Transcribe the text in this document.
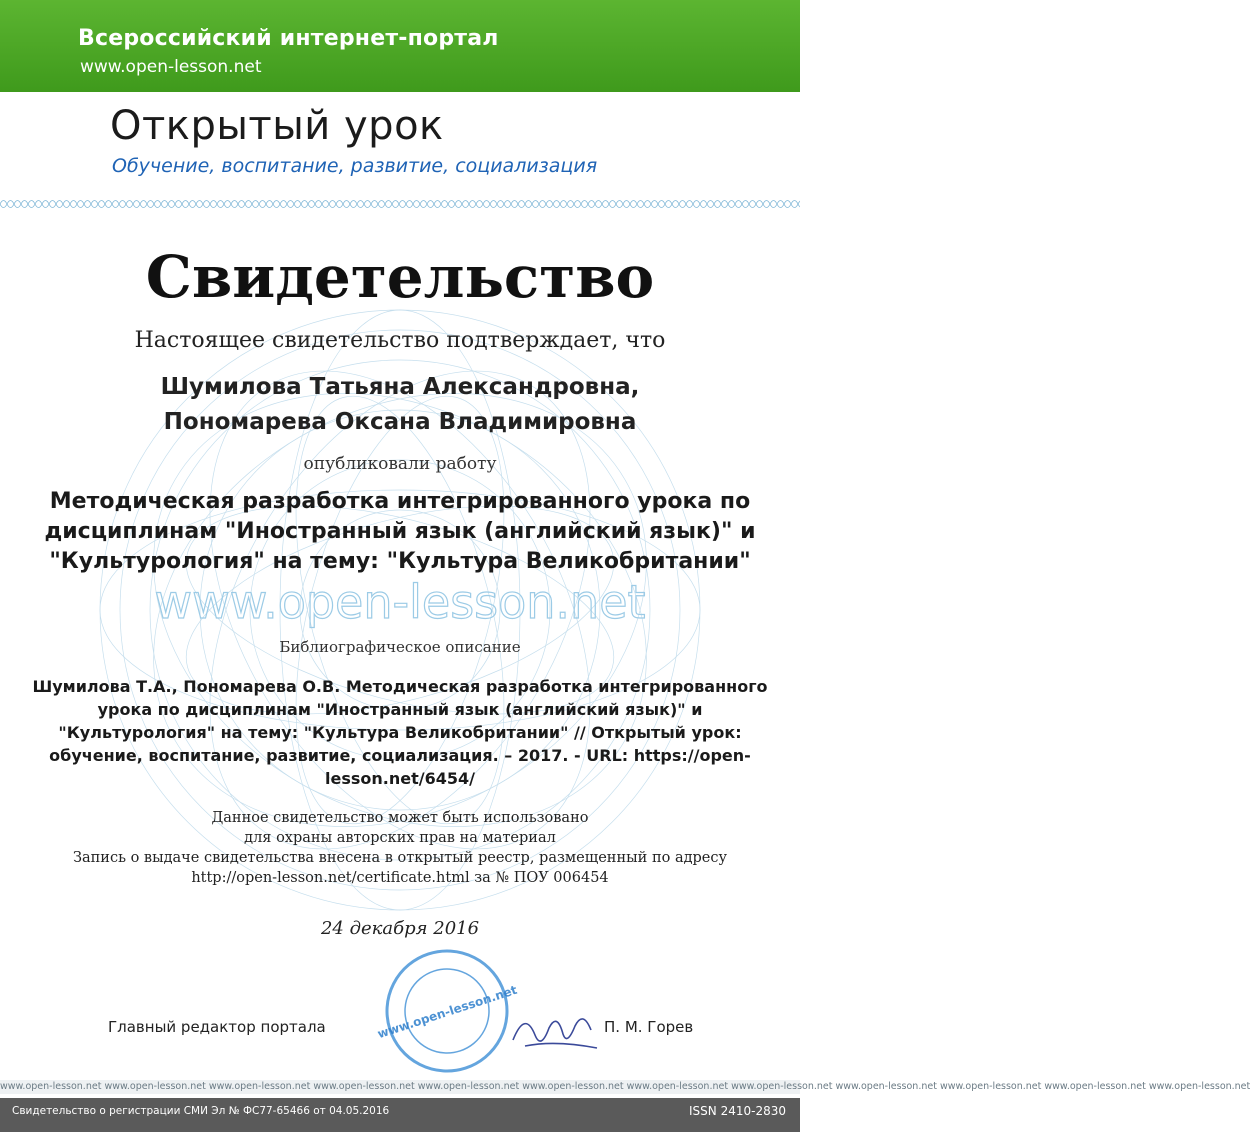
Всероссийский интернет-портал
www.open-lesson.net
Открытый урок
Обучение, воспитание, развитие, социализация
www.open-lesson.net
Свидетельство
Настоящее свидетельство подтверждает, что
Шумилова Татьяна Александровна,
Пономарева Оксана Владимировна
опубликовали работу
Методическая разработка интегрированного урока по дисциплинам "Иностранный язык (английский язык)" и "Культурология" на тему: "Культура Великобритании"
Библиографическое описание
Шумилова Т.А., Пономарева О.В. Методическая разработка интегрированного урока по дисциплинам "Иностранный язык (английский язык)" и "Культурология" на тему: "Культура Великобритании" // Открытый урок: обучение, воспитание, развитие, социализация. – 2017. - URL: https://open-lesson.net/6454/
Данное свидетельство может быть использовано
для охраны авторских прав на материал
Запись о выдаче свидетельства внесена в открытый реестр, размещенный по адресу
http://open-lesson.net/certificate.html за № ПОУ 006454
24 декабря 2016
www.open-lesson.net
Главный редактор портала	П. М. Горев
www.open-lesson.net www.open-lesson.net www.open-lesson.net www.open-lesson.net www.open-lesson.net www.open-lesson.net www.open-lesson.net www.open-lesson.net www.open-lesson.net www.open-lesson.net www.open-lesson.net www.open-lesson.net
Свидетельство о регистрации СМИ Эл № ФС77-65466 от 04.05.2016	ISSN 2410-2830
